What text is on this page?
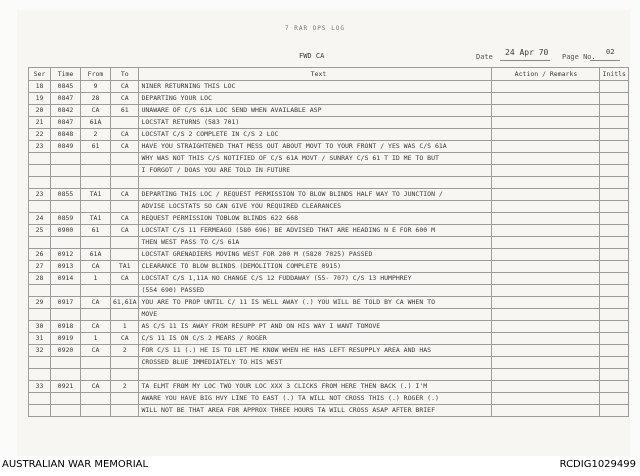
7 RAR OPS LOG
FWD CA	Date 24 Apr 70 Page No.
02
Ser	Time	From	To	Text	Action / Remarks	Initls
18	0845	9	CA	NINER RETURNING THIS LOC		
19	0847	28	CA	DEPARTING YOUR LOC		
20	0842	CA	61	UNAWARE OF C/S 61A LOC SEND WHEN AVAILABLE ASP		
21	0847	61A		LOCSTAT RETURNS (583 701)		
22	0848	2	CA	LOCSTAT C/S 2 COMPLETE IN C/S 2 LOC		
23	0849	61	CA	HAVE YOU STRAIGHTENED THAT MESS OUT ABOUT MOVT TO YOUR FRONT / YES WAS C/S 61A		
				WHY WAS NOT THIS C/S NOTIFIED OF C/S 61A MOVT / SUNRAY C/S 61 T ID ME TO BUT		
				I FORGOT / DOAS YOU ARE TOLD IN FUTURE		

23	0855	TA1	CA	DEPARTING THIS LOC / REQUEST PERMISSION TO BLOW BLINDS HALF WAY TO JUNCTION /		
				ADVISE LOCSTATS SO CAN GIVE YOU REQUIRED CLEARANCES		
24	0859	TA1	CA	REQUEST PERMISSION TOBLOW BLINDS 622 668		
25	0900	61	CA	LOCSTAT C/S 11 FERMEAGO (580 696) BE ADVISED THAT ARE HEADING N E FOR 600 M		
				THEN WEST PASS TO C/S 61A		
26	0912	61A		LOCSTAT GRENADIERS MOVING WEST FOR 200 M (5820 7025) PASSED		
27	0913	CA	TA1	CLEARANCE TO BLOW BLINDS (DEMOLITION COMPLETE 0915)		
28	0914	1	CA	LOCSTAT C/S 1,11A NO CHANGE C/S 12 FUDDAWAY (55- 707) C/S 13 HUMPHREY		
				(554 690) PASSED		
29	0917	CA	61,61A	YOU ARE TO PROP UNTIL C/ 11 IS WELL AWAY (.) YOU WILL BE TOLD BY CA WHEN TO		
				MOVE		
30	0918	CA	1	AS C/S 11 IS AWAY FROM RESUPP PT AND ON HIS WAY I WANT TOMOVE		
31	0919	1	CA	C/S 11 IS ON C/S 2 MEARS / ROGER		
32	0920	CA	2	FOR C/S 11 (.) HE IS TO LET ME KNOW WHEN HE HAS LEFT RESUPPLY AREA AND HAS		
				CROSSED BLUE IMMEDIATELY TO HIS WEST		

33	0921	CA	2	TA ELMT FROM MY LOC TWO YOUR LOC XXX 3 CLICKS FROM HERE THEN BACK (.) I'M		
				AWARE YOU HAVE BIG HVY LINE TO EAST (.) TA WILL NOT CROSS THIS (.) ROGER (.)		
				WILL NOT BE THAT AREA FOR APPROX THREE HOURS TA WILL CROSS ASAP AFTER BRIEF		
AUSTRALIAN WAR MEMORIAL	RCDIG1029499
